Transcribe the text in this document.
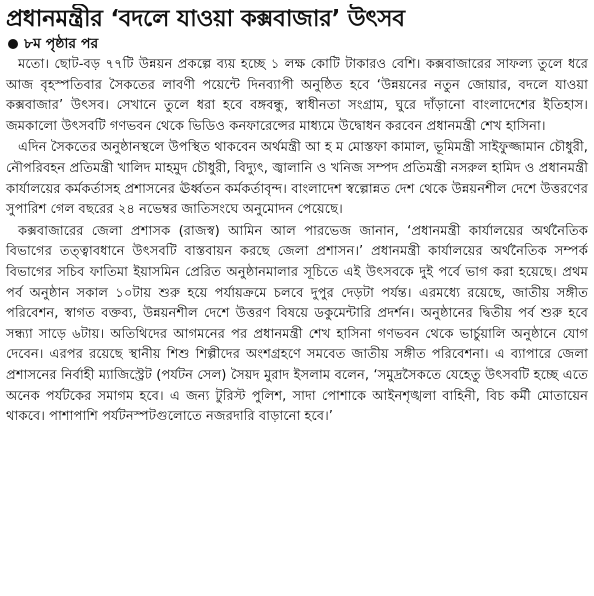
প্রধানমন্ত্রীর ‘বদলে যাওয়া কক্সবাজার’ উৎসব
৮ম পৃষ্ঠার পর

মতো। ছোট-বড় ৭৭টি উন্নয়ন প্রকল্পে ব্যয় হচ্ছে ১ লক্ষ কোটি টাকারও বেশি। কক্সবাজারের সাফল্য তুলে ধরে আজ বৃহস্পতিবার সৈকতের লাবণী পয়েন্টে দিনব্যাপী অনুষ্ঠিত হবে ‘উন্নয়নের নতুন জোয়ার, বদলে যাওয়া কক্সবাজার’ উৎসব। সেখানে তুলে ধরা হবে বঙ্গবন্ধু, স্বাধীনতা সংগ্রাম, ঘুরে দাঁড়ানো বাংলাদেশের ইতিহাস। জমকালো উৎসবটি গণভবন থেকে ভিডিও কনফারেন্সের মাধ্যমে উদ্বোধন করবেন প্রধানমন্ত্রী শেখ হাসিনা।

এদিন সৈকতের অনুষ্ঠানস্থলে উপস্থিত থাকবেন অর্থমন্ত্রী আ হ ম মোস্তফা কামাল, ভূমিমন্ত্রী সাইফুজ্জামান চৌধুরী, নৌপরিবহন প্রতিমন্ত্রী খালিদ মাহমুদ চৌধুরী, বিদ্যুৎ, জ্বালানি ও খনিজ সম্পদ প্রতিমন্ত্রী নসরুল হামিদ ও প্রধানমন্ত্রী কার্যালয়ের কর্মকর্তাসহ প্রশাসনের ঊর্ধ্বতন কর্মকর্তাবৃন্দ। বাংলাদেশ স্বল্পোন্নত দেশ থেকে উন্নয়নশীল দেশে উত্তরণের সুপারিশ গেল বছরের ২৪ নভেম্বর জাতিসংঘে অনুমোদন পেয়েছে।

কক্সবাজারের জেলা প্রশাসক (রাজস্ব) আমিন আল পারভেজ জানান, ‘প্রধানমন্ত্রী কার্যালয়ের অর্থনৈতিক বিভাগের তত্ত্বাবধানে উৎসবটি বাস্তবায়ন করছে জেলা প্রশাসন।’ প্রধানমন্ত্রী কার্যালয়ের অর্থনৈতিক সম্পর্ক বিভাগের সচিব ফাতিমা ইয়াসমিন প্রেরিত অনুষ্ঠানমালার সূচিতে এই উৎসবকে দুই পর্বে ভাগ করা হয়েছে। প্রথম পর্ব অনুষ্ঠান সকাল ১০টায় শুরু হয়ে পর্যায়ক্রমে চলবে দুপুর দেড়টা পর্যন্ত। এরমধ্যে রয়েছে, জাতীয় সঙ্গীত পরিবেশন, স্বাগত বক্তব্য, উন্নয়নশীল দেশে উত্তরণ বিষয়ে ডকুমেন্টারি প্রদর্শন। অনুষ্ঠানের দ্বিতীয় পর্ব শুরু হবে সন্ধ্যা সাড়ে ৬টায়। অতিথিদের আগমনের পর প্রধানমন্ত্রী শেখ হাসিনা গণভবন থেকে ভার্চুয়ালি অনুষ্ঠানে যোগ দেবেন। এরপর রয়েছে স্থানীয় শিশু শিল্পীদের অংশগ্রহণে সমবেত জাতীয় সঙ্গীত পরিবেশনা। এ ব্যাপারে জেলা প্রশাসনের নির্বাহী ম্যাজিস্ট্রেট (পর্যটন সেল) সৈয়দ মুরাদ ইসলাম বলেন, ‘সমুদ্রসৈকতে যেহেতু উৎসবটি হচ্ছে এতে অনেক পর্যটকের সমাগম হবে। এ জন্য টুরিস্ট পুলিশ, সাদা পোশাকে আইনশৃঙ্খলা বাহিনী, বিচ কর্মী মোতায়েন থাকবে। পাশাপাশি পর্যটনস্পটগুলোতে নজরদারি বাড়ানো হবে।’
